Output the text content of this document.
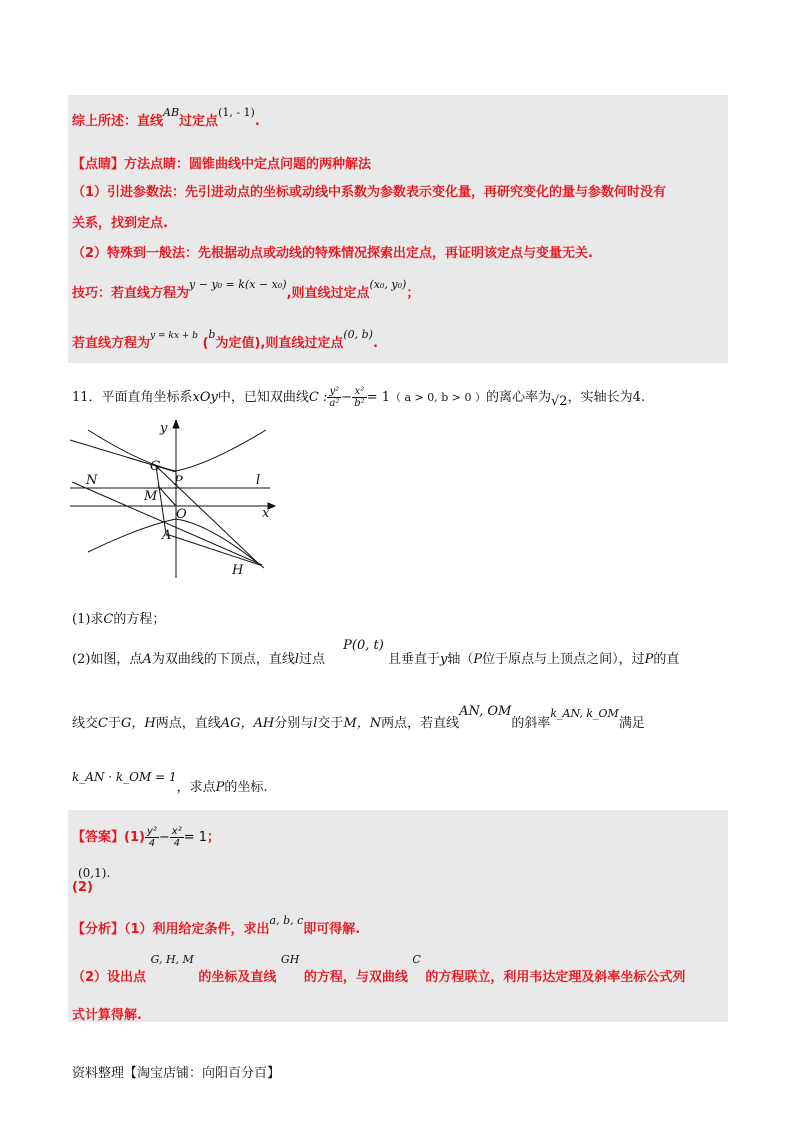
综上所述：直线$^{AB}$过定点$^{(1, - 1)}$.
【点睛】方法点睛：圆锥曲线中定点问题的两种解法
（1）引进参数法：先引进动点的坐标或动线中系数为参数表示变化量，再研究变化的量与参数何时没有
关系，找到定点.
（2）特殊到一般法：先根据动点或动线的特殊情况探索出定点，再证明该定点与变量无关.
技巧：若直线方程为$^{y - y_0 = k(x - x_0)}$,则直线过定点$^{(x_0, y_0)}$；
若直线方程为$^{y = kx + b}$ ($^b$为定值),则直线过定点$^{(0, b)}$.
11．平面直角坐标系xOy中，已知双曲线C : $\frac{\text{y²}}{\text{a²}} - \frac{\text{x²}}{\text{b²}} = 1$（ a > 0, b > 0 ）的离心率为√2，实轴长为4.
y
G
P	l
N
M
x
O
A
H
(1)求C的方程；
(2)如图，点A为双曲线的下顶点，直线l过点 P(0, t) 且垂直于y轴（P位于原点与上顶点之间），过P的直
线交C于G，H两点，直线AG，AH分别与l交于M，N两点，若直线AN, OM的斜率$^{k\_AN, k\_OM}$满足
k_AN · k_OM = 1，求点P的坐标.
【答案】$(1) \frac{\text{y²}}{4} - \frac{\text{x²}}{4} = 1$；
(0,1).
(2)
【分析】（1）利用给定条件，求出$^{a, b, c}$即可得解.
（2）设出点 $^{G, H, M}$ 的坐标及直线 $^{GH}$ 的方程，与双曲线 $^C$ 的方程联立，利用韦达定理及斜率坐标公式列
式计算得解.
资料整理【淘宝店铺：向阳百分百】
